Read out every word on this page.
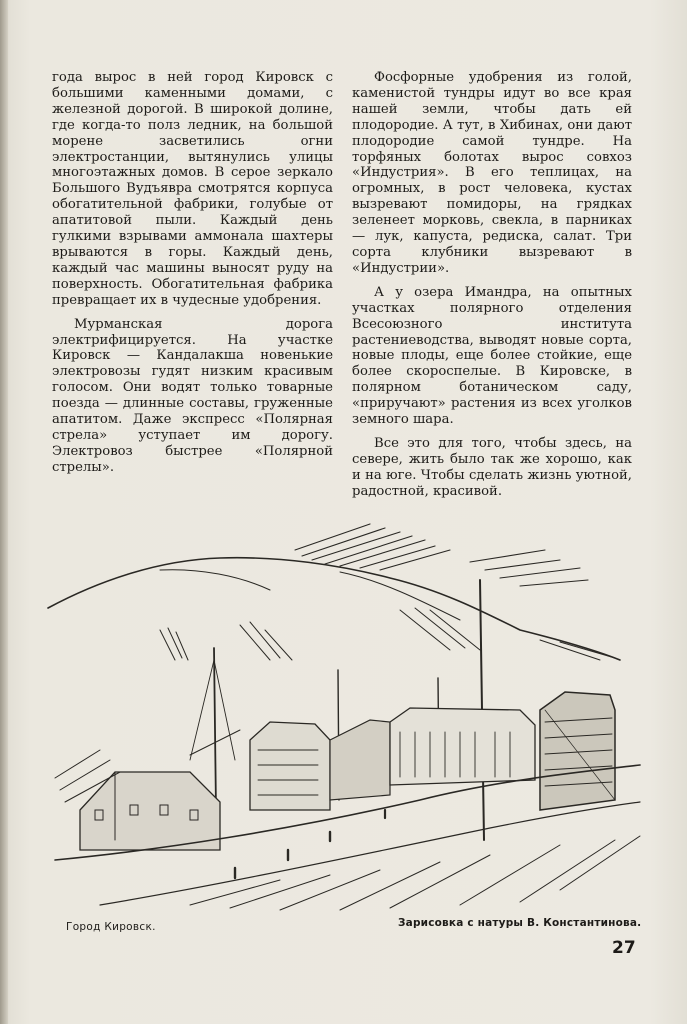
года вырос в ней город Кировск с большими каменными домами, с железной дорогой. В широкой долине, где когда-то полз ледник, на большой морене засветились огни электростанции, вытянулись улицы многоэтажных домов. В серое зеркало Большого Вудъявра смотрятся корпуса обогатительной фабрики, голубые от апатитовой пыли. Каждый день гулкими взрывами аммонала шахтеры врываются в горы. Каждый день, каждый час машины выносят руду на поверхность. Обогатительная фабрика превращает их в чудесные удобрения.

Мурманская дорога электрифицируется. На участке Кировск — Кандалакша новенькие электровозы гудят низким красивым голосом. Они водят только товарные поезда — длинные составы, груженные апатитом. Даже экспресс «Полярная стрела» уступает им дорогу. Электровоз быстрее «Полярной стрелы».

Фосфорные удобрения из голой, каменистой тундры идут во все края нашей земли, чтобы дать ей плодородие. А тут, в Хибинах, они дают плодородие самой тундре. На торфяных болотах вырос совхоз «Индустрия». В его теплицах, на огромных, в рост человека, кустах вызревают помидоры, на грядках зеленеет морковь, свекла, в парниках — лук, капуста, редиска, салат. Три сорта клубники вызревают в «Индустрии».

А у озера Имандра, на опытных участках полярного отделения Всесоюзного института растениеводства, выводят новые сорта, новые плоды, еще более стойкие, еще более скороспелые. В Кировске, в полярном ботаническом саду, «приручают» растения из всех уголков земного шара.

Все это для того, чтобы здесь, на севере, жить было так же хорошо, как и на юге. Чтобы сделать жизнь уютной, радостной, красивой.

Город Кировск.	Зарисовка с натуры В. Константинова.
27
